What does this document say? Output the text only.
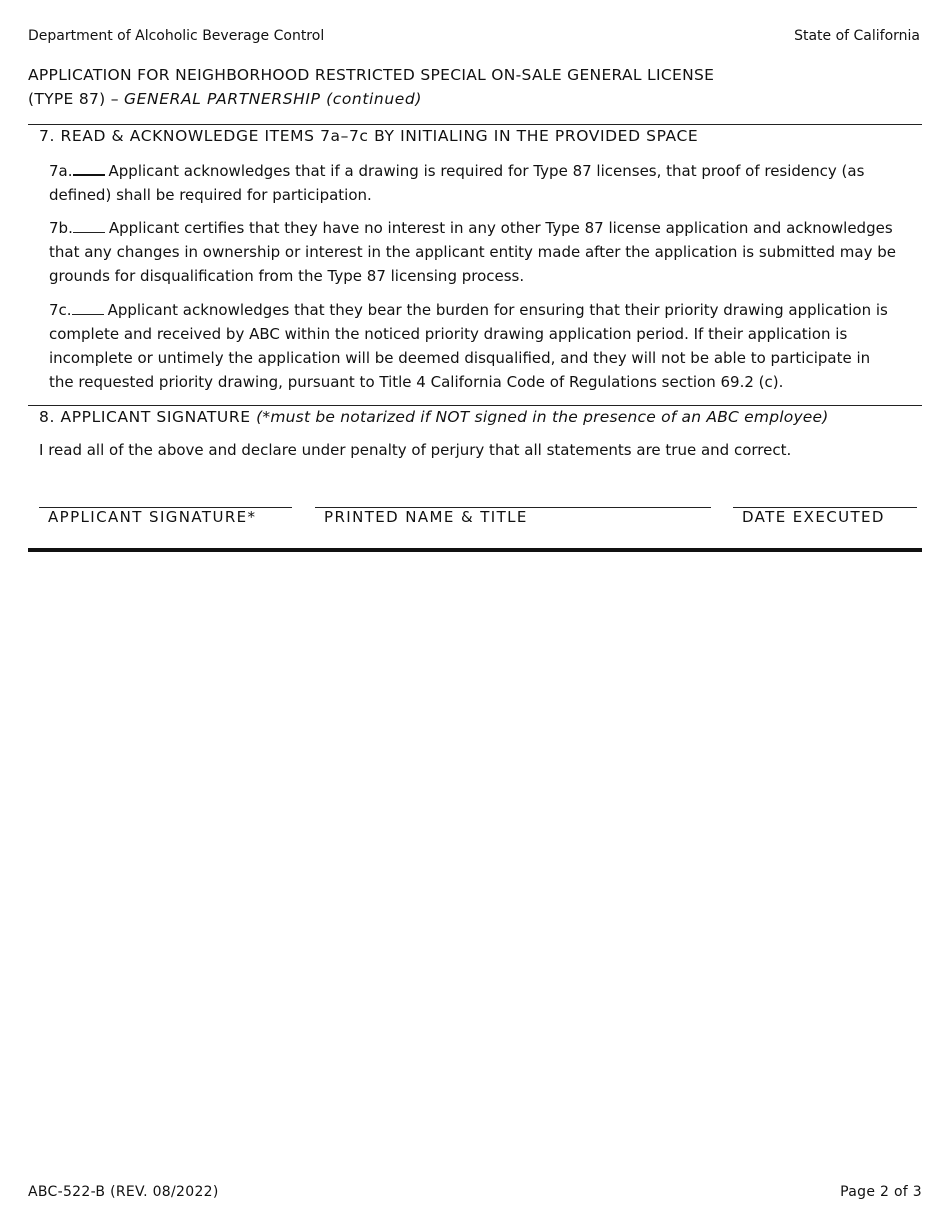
Department of Alcoholic Beverage Control	State of California
APPLICATION FOR NEIGHBORHOOD RESTRICTED SPECIAL ON-SALE GENERAL LICENSE
(TYPE 87) – GENERAL PARTNERSHIP (continued)
7. READ & ACKNOWLEDGE ITEMS 7a–7c BY INITIALING IN THE PROVIDED SPACE
7a. Applicant acknowledges that if a drawing is required for Type 87 licenses, that proof of residency (as defined) shall be required for participation.
7b. Applicant certifies that they have no interest in any other Type 87 license application and acknowledges that any changes in ownership or interest in the applicant entity made after the application is submitted may be grounds for disqualification from the Type 87 licensing process.
7c. Applicant acknowledges that they bear the burden for ensuring that their priority drawing application is complete and received by ABC within the noticed priority drawing application period. If their application is incomplete or untimely the application will be deemed disqualified, and they will not be able to participate in the requested priority drawing, pursuant to Title 4 California Code of Regulations section 69.2 (c).
8. APPLICANT SIGNATURE (*must be notarized if NOT signed in the presence of an ABC employee)
I read all of the above and declare under penalty of perjury that all statements are true and correct.
APPLICANT SIGNATURE*	PRINTED NAME & TITLE	DATE EXECUTED
ABC-522-B (REV. 08/2022)	Page 2 of 3
